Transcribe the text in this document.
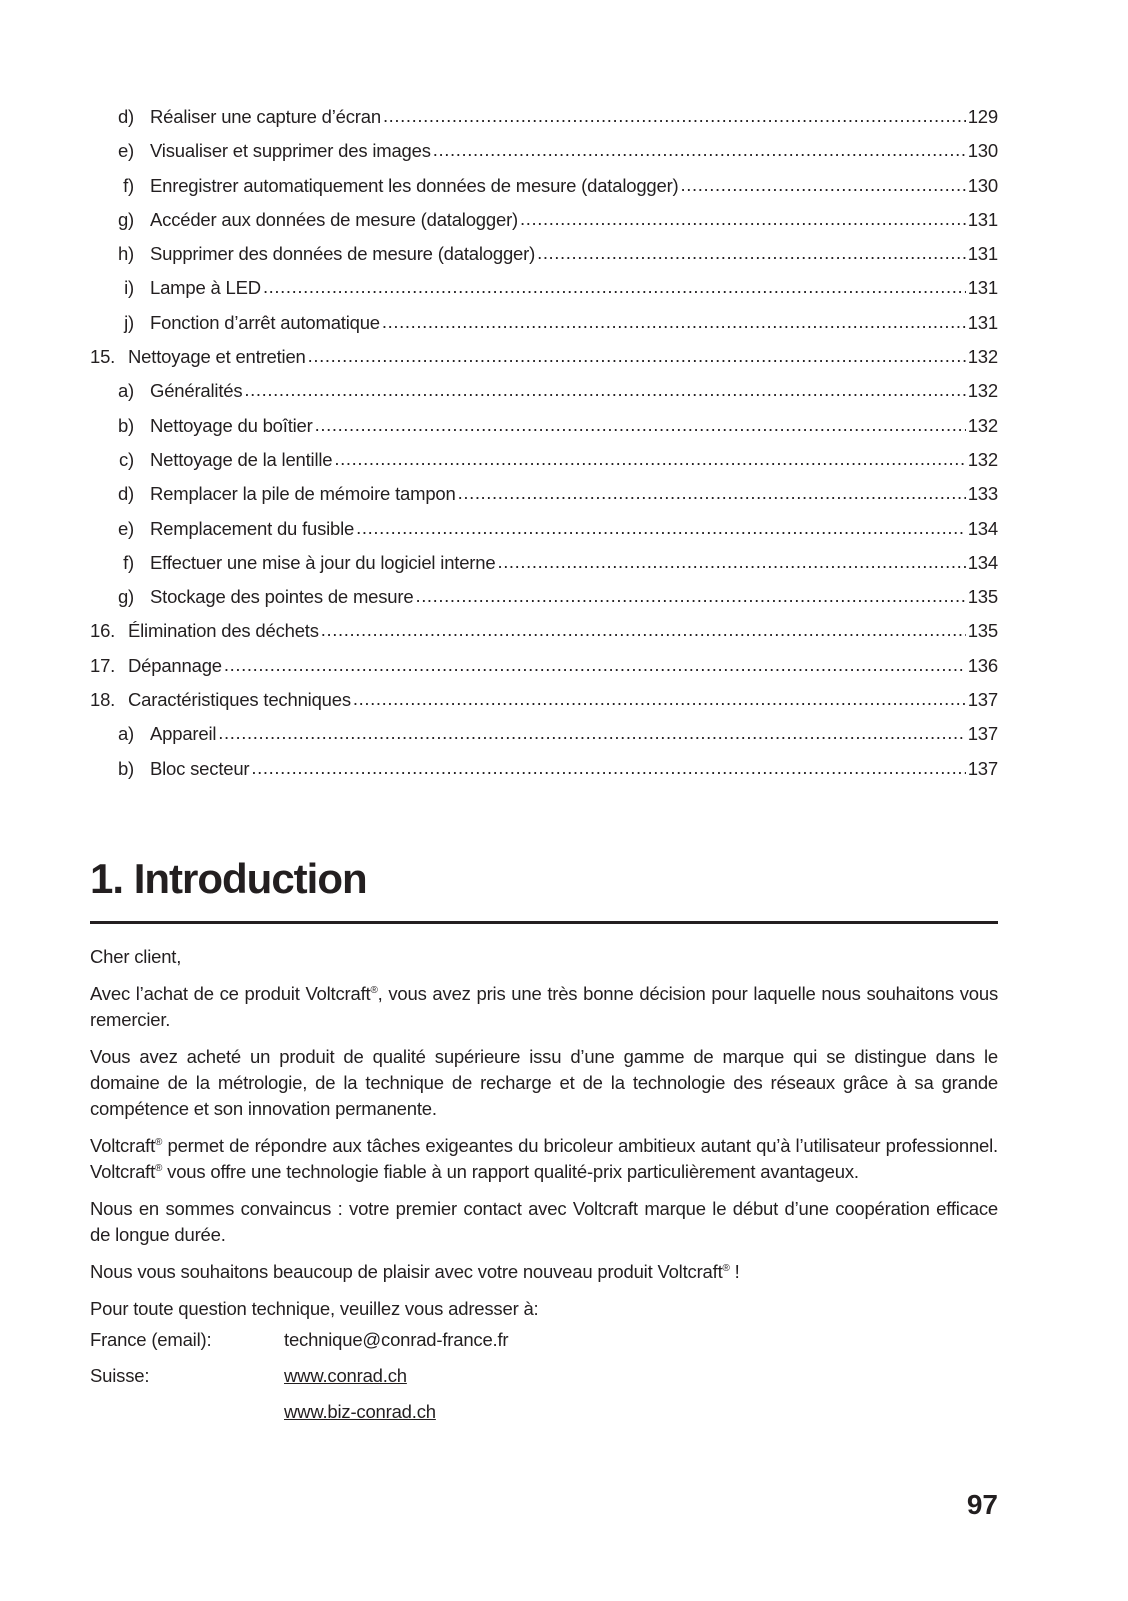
d) Réaliser une capture d’écran .....	129
e) Visualiser et supprimer des images .....	130
f) Enregistrer automatiquement les données de mesure (datalogger) .....	130
g) Accéder aux données de mesure (datalogger) .....	131
h) Supprimer des données de mesure (datalogger) .....	131
i) Lampe à LED .....	131
j) Fonction d’arrêt automatique .....	131
15. Nettoyage et entretien .....	132
a) Généralités .....	132
b) Nettoyage du boîtier .....	132
c) Nettoyage de la lentille .....	132
d) Remplacer la pile de mémoire tampon .....	133
e) Remplacement du fusible .....	134
f) Effectuer une mise à jour du logiciel interne .....	134
g) Stockage des pointes de mesure .....	135
16. Élimination des déchets .....	135
17. Dépannage .....	136
18. Caractéristiques techniques .....	137
a) Appareil .....	137
b) Bloc secteur .....	137
1. Introduction

Cher client,

Avec l’achat de ce produit Voltcraft®, vous avez pris une très bonne décision pour laquelle nous souhaitons vous remercier.

Vous avez acheté un produit de qualité supérieure issu d’une gamme de marque qui se distingue dans le domaine de la métrologie, de la technique de recharge et de la technologie des réseaux grâce à sa grande compétence et son innovation permanente.

Voltcraft® permet de répondre aux tâches exigeantes du bricoleur ambitieux autant qu’à l’utilisateur professionnel. Voltcraft® vous offre une technologie fiable à un rapport qualité-prix particulièrement avantageux.

Nous en sommes convaincus : votre premier contact avec Voltcraft marque le début d’une coopération efficace de longue durée.

Nous vous souhaitons beaucoup de plaisir avec votre nouveau produit Voltcraft® !

Pour toute question technique, veuillez vous adresser à:

France (email):	technique@conrad-france.fr
Suisse:	www.conrad.ch
www.biz-conrad.ch
97
